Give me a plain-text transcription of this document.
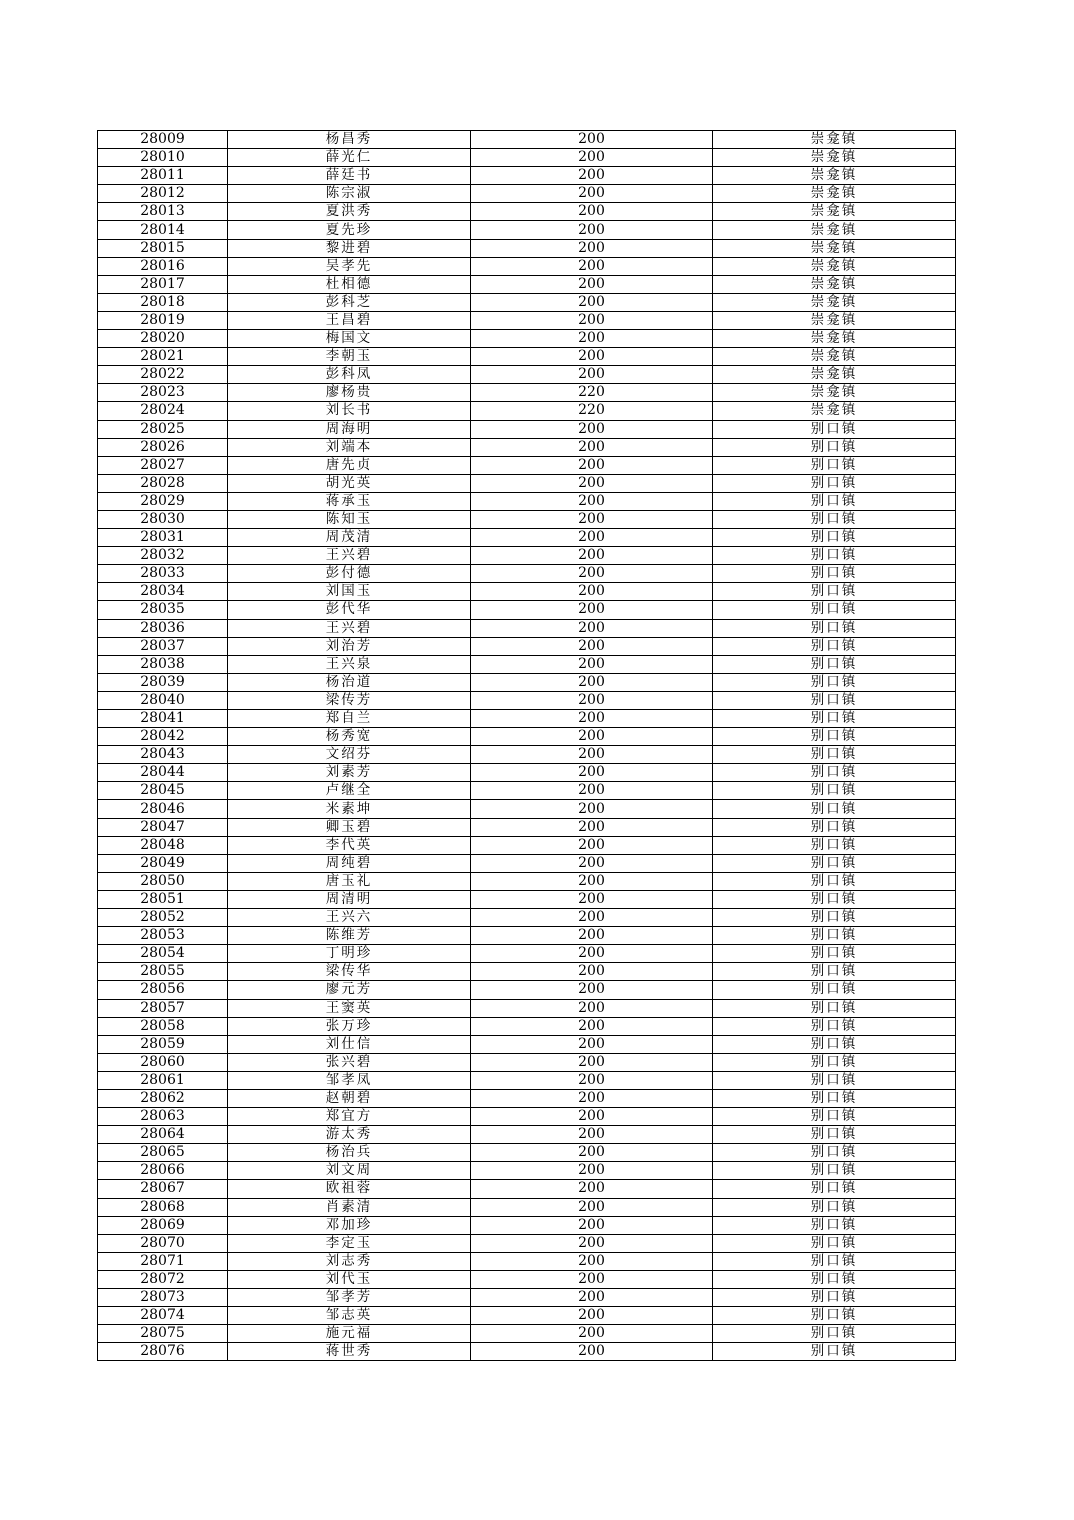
28009	杨昌秀	200	崇龛镇
28010	薛光仁	200	崇龛镇
28011	薛廷书	200	崇龛镇
28012	陈宗淑	200	崇龛镇
28013	夏洪秀	200	崇龛镇
28014	夏先珍	200	崇龛镇
28015	黎进碧	200	崇龛镇
28016	吴孝先	200	崇龛镇
28017	杜相德	200	崇龛镇
28018	彭科芝	200	崇龛镇
28019	王昌碧	200	崇龛镇
28020	梅国文	200	崇龛镇
28021	李朝玉	200	崇龛镇
28022	彭科凤	200	崇龛镇
28023	廖杨贵	220	崇龛镇
28024	刘长书	220	崇龛镇
28025	周海明	200	别口镇
28026	刘端本	200	别口镇
28027	唐先贞	200	别口镇
28028	胡光英	200	别口镇
28029	蒋承玉	200	别口镇
28030	陈知玉	200	别口镇
28031	周茂清	200	别口镇
28032	王兴碧	200	别口镇
28033	彭付德	200	别口镇
28034	刘国玉	200	别口镇
28035	彭代华	200	别口镇
28036	王兴碧	200	别口镇
28037	刘治芳	200	别口镇
28038	王兴泉	200	别口镇
28039	杨治道	200	别口镇
28040	梁传芳	200	别口镇
28041	郑自兰	200	别口镇
28042	杨秀宽	200	别口镇
28043	文绍芬	200	别口镇
28044	刘素芳	200	别口镇
28045	卢继全	200	别口镇
28046	米素坤	200	别口镇
28047	卿玉碧	200	别口镇
28048	李代英	200	别口镇
28049	周纯碧	200	别口镇
28050	唐玉礼	200	别口镇
28051	周清明	200	别口镇
28052	王兴六	200	别口镇
28053	陈维芳	200	别口镇
28054	丁明珍	200	别口镇
28055	梁传华	200	别口镇
28056	廖元芳	200	别口镇
28057	王窦英	200	别口镇
28058	张万珍	200	别口镇
28059	刘仕信	200	别口镇
28060	张兴碧	200	别口镇
28061	邹孝凤	200	别口镇
28062	赵朝碧	200	别口镇
28063	郑宜方	200	别口镇
28064	游太秀	200	别口镇
28065	杨治兵	200	别口镇
28066	刘文周	200	别口镇
28067	欧祖蓉	200	别口镇
28068	肖素清	200	别口镇
28069	邓加珍	200	别口镇
28070	李定玉	200	别口镇
28071	刘志秀	200	别口镇
28072	刘代玉	200	别口镇
28073	邹孝芳	200	别口镇
28074	邹志英	200	别口镇
28075	施元福	200	别口镇
28076	蒋世秀	200	别口镇
